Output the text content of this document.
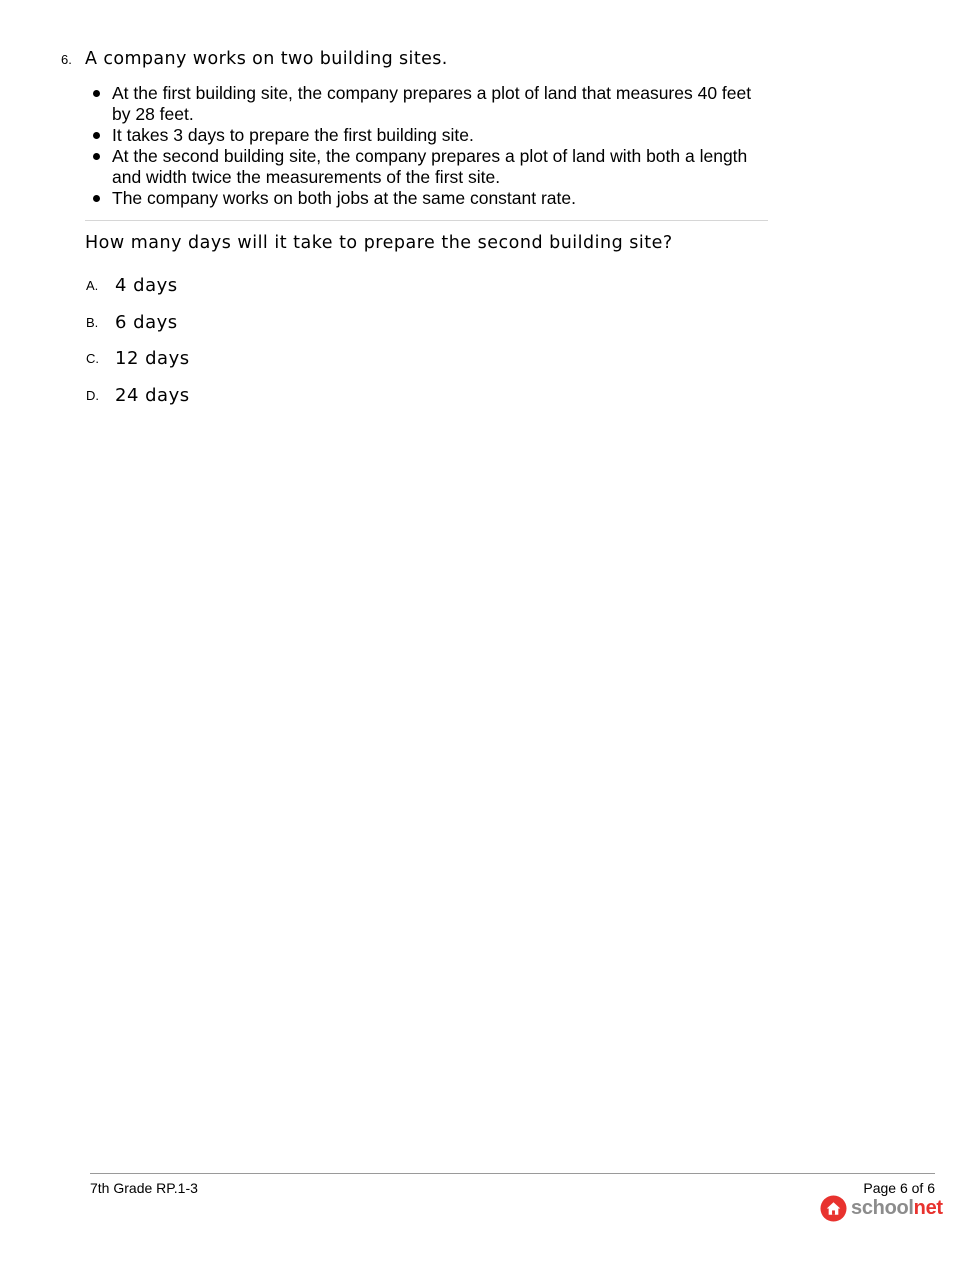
6. A company works on two building sites.
At the first building site, the company prepares a plot of land that measures 40 feet by 28 feet.
It takes 3 days to prepare the first building site.
At the second building site, the company prepares a plot of land with both a length and width twice the measurements of the first site.
The company works on both jobs at the same constant rate.
How many days will it take to prepare the second building site?
A. 4 days
B. 6 days
C. 12 days
D. 24 days
7th Grade RP.1-3	Page 6 of 6
schoolnet
